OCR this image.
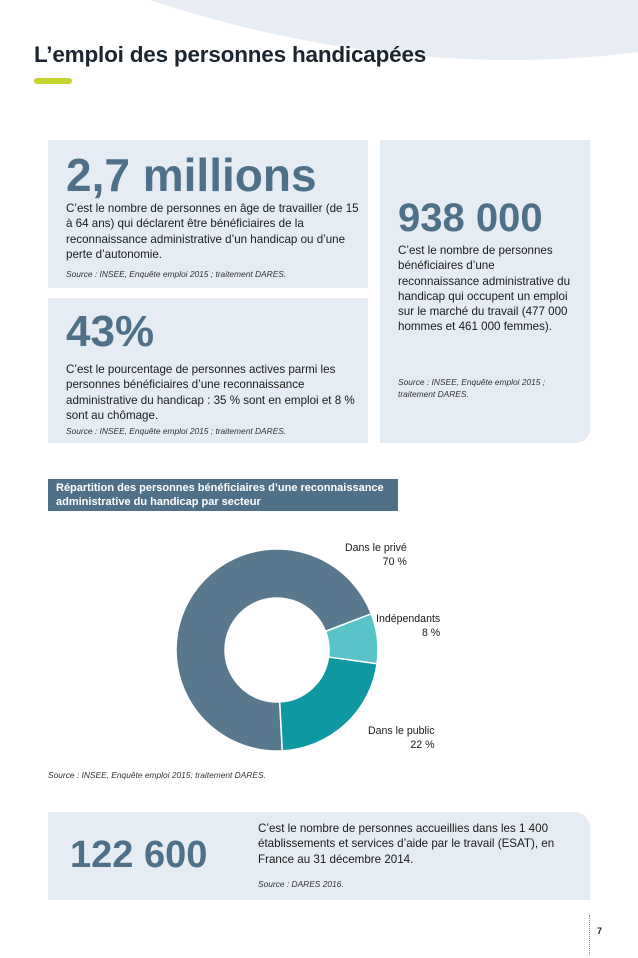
L’emploi des personnes handicapées

2,7 millions

C’est le nombre de personnes en âge de travailler (de 15 à 64 ans) qui déclarent être bénéficiaires de la reconnaissance administrative d’un handicap ou d’une perte d’autonomie.

Source : INSEE, Enquête emploi 2015 ; traitement DARES.

43%

C’est le pourcentage de personnes actives parmi les personnes bénéficiaires d’une reconnaissance administrative du handicap : 35 % sont en emploi et 8 % sont au chômage.

Source : INSEE, Enquête emploi 2015 ; traitement DARES.

938 000

C’est le nombre de personnes bénéficiaires d’une reconnaissance administrative du handicap qui occupent un emploi sur le marché du travail (477 000 hommes et 461 000 femmes).

Source : INSEE, Enquête emploi 2015 ; traitement DARES.

Répartition des personnes bénéficiaires d’une reconnaissance administrative du handicap par secteur
Dans le privé
70 %
Indépendants
8 %
Dans le public
22 %
Source : INSEE, Enquête emploi 2015; traitement DARES.

122 600

C’est le nombre de personnes accueillies dans les 1 400 établissements et services d’aide par le travail (ESAT), en France au 31 décembre 2014.

Source : DARES 2016.

7
